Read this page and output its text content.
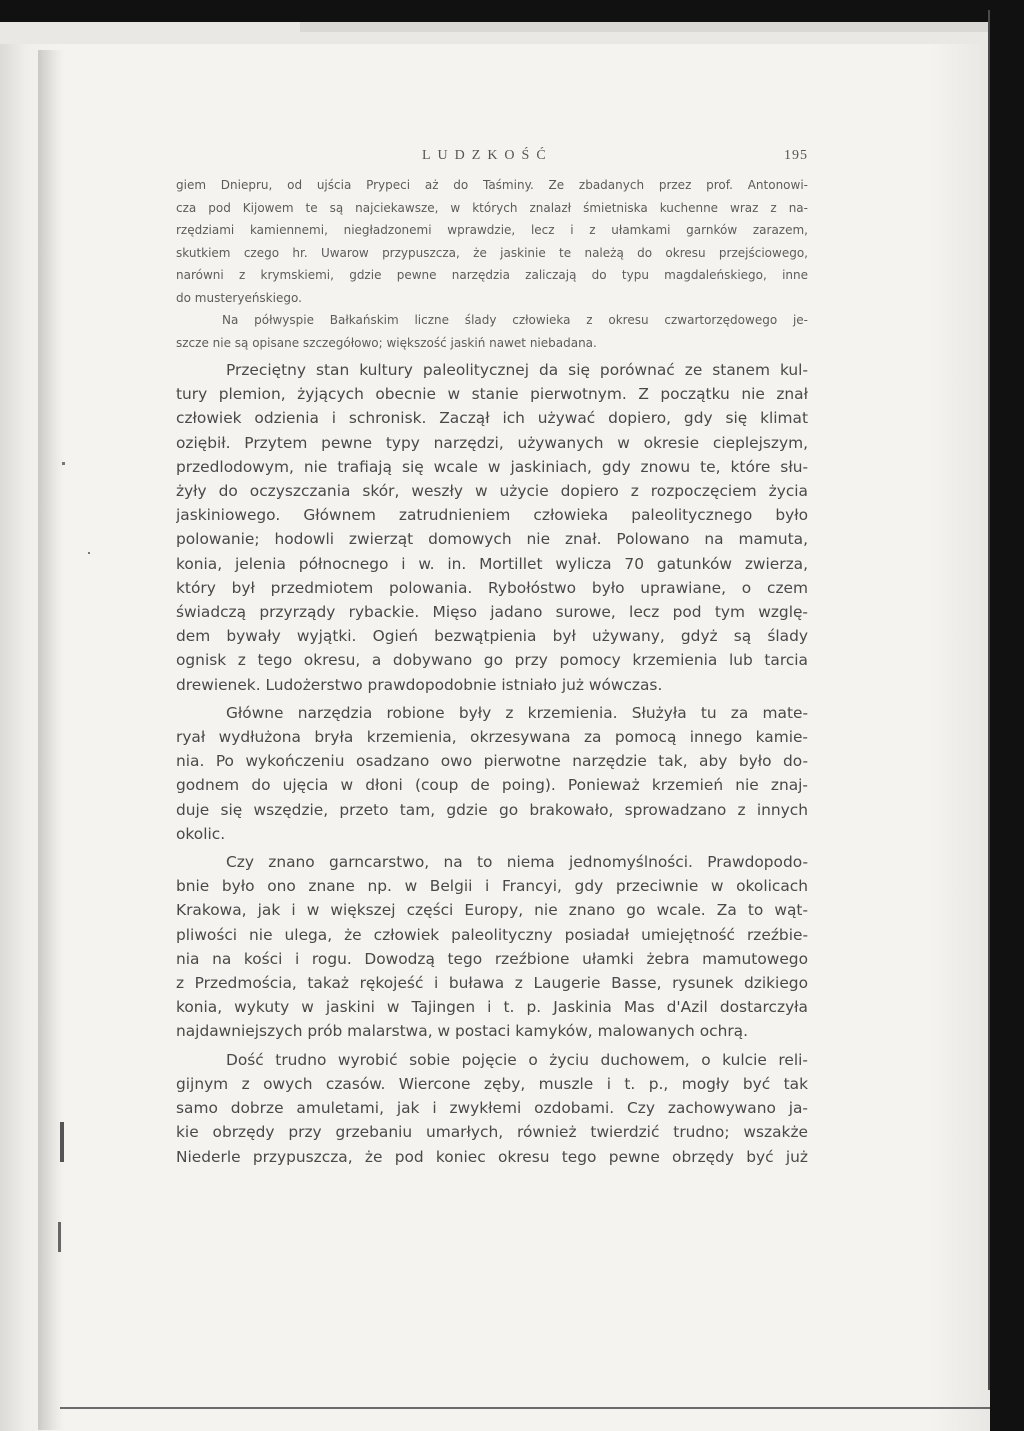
LUDZKOŚĆ	195
giem Dniepru, od ujścia Prypeci aż do Taśminy. Ze zbadanych przez prof. Antonowi-
cza pod Kijowem te są najciekawsze, w których znalazł śmietniska kuchenne wraz z na-
rzędziami kamiennemi, niegładzonemi wprawdzie, lecz i z ułamkami garnków zarazem,
skutkiem czego hr. Uwarow przypuszcza, że jaskinie te należą do okresu przejściowego,
narówni z krymskiemi, gdzie pewne narzędzia zaliczają do typu magdaleńskiego, inne
do musteryeńskiego.
Na półwyspie Bałkańskim liczne ślady człowieka z okresu czwartorzędowego je-
szcze nie są opisane szczegółowo; większość jaskiń nawet niebadana.
Przeciętny stan kultury paleolitycznej da się porównać ze stanem kul-
tury plemion, żyjących obecnie w stanie pierwotnym. Z początku nie znał
człowiek odzienia i schronisk. Zaczął ich używać dopiero, gdy się klimat
oziębił. Przytem pewne typy narzędzi, używanych w okresie cieplejszym,
przedlodowym, nie trafiają się wcale w jaskiniach, gdy znowu te, które słu-
żyły do oczyszczania skór, weszły w użycie dopiero z rozpoczęciem życia
jaskiniowego. Głównem zatrudnieniem człowieka paleolitycznego było
polowanie; hodowli zwierząt domowych nie znał. Polowano na mamuta,
konia, jelenia północnego i w. in. Mortillet wylicza 70 gatunków zwierza,
który był przedmiotem polowania. Rybołóstwo było uprawiane, o czem
świadczą przyrządy rybackie. Mięso jadano surowe, lecz pod tym wzglę-
dem bywały wyjątki. Ogień bezwątpienia był używany, gdyż są ślady
ognisk z tego okresu, a dobywano go przy pomocy krzemienia lub tarcia
drewienek. Ludożerstwo prawdopodobnie istniało już wówczas.
Główne narzędzia robione były z krzemienia. Służyła tu za mate-
ryał wydłużona bryła krzemienia, okrzesywana za pomocą innego kamie-
nia. Po wykończeniu osadzano owo pierwotne narzędzie tak, aby było do-
godnem do ujęcia w dłoni (coup de poing). Ponieważ krzemień nie znaj-
duje się wszędzie, przeto tam, gdzie go brakowało, sprowadzano z innych
okolic.
Czy znano garncarstwo, na to niema jednomyślności. Prawdopodo-
bnie było ono znane np. w Belgii i Francyi, gdy przeciwnie w okolicach
Krakowa, jak i w większej części Europy, nie znano go wcale. Za to wąt-
pliwości nie ulega, że człowiek paleolityczny posiadał umiejętność rzeźbie-
nia na kości i rogu. Dowodzą tego rzeźbione ułamki żebra mamutowego
z Przedmościa, takaż rękojeść i buława z Laugerie Basse, rysunek dzikiego
konia, wykuty w jaskini w Tajingen i t. p. Jaskinia Mas d'Azil dostarczyła
najdawniejszych prób malarstwa, w postaci kamyków, malowanych ochrą.
Dość trudno wyrobić sobie pojęcie o życiu duchowem, o kulcie reli-
gijnym z owych czasów. Wiercone zęby, muszle i t. p., mogły być tak
samo dobrze amuletami, jak i zwykłemi ozdobami. Czy zachowywano ja-
kie obrzędy przy grzebaniu umarłych, również twierdzić trudno; wszakże
Niederle przypuszcza, że pod koniec okresu tego pewne obrzędy być już
